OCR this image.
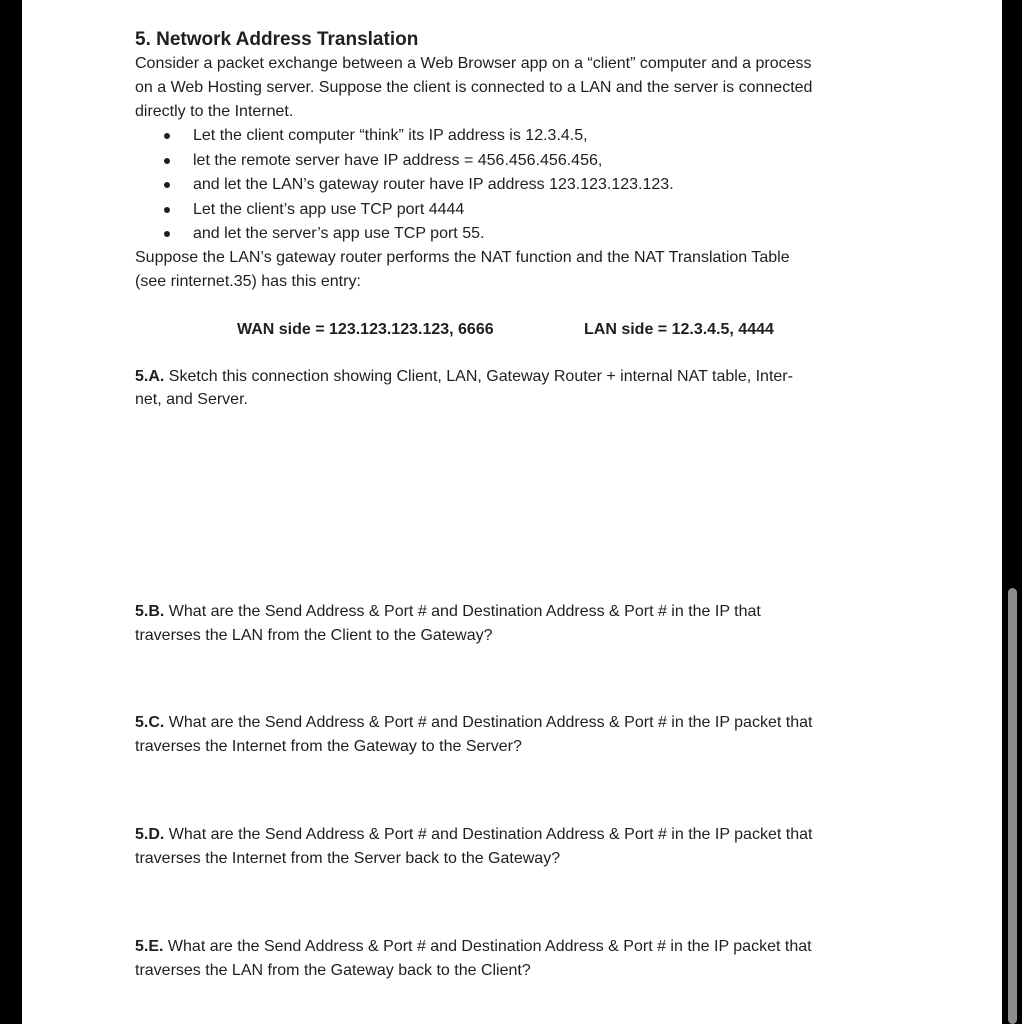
5. Network Address Translation
Consider a packet exchange between a Web Browser app on a “client” computer and a process
on a Web Hosting server. Suppose the client is connected to a LAN and the server is connected
directly to the Internet.
Let the client computer “think” its IP address is 12.3.4.5,
let the remote server have IP address = 456.456.456.456,
and let the LAN’s gateway router have IP address 123.123.123.123.
Let the client’s app use TCP port 4444
and let the server’s app use TCP port 55.
Suppose the LAN’s gateway router performs the NAT function and the NAT Translation Table
(see rinternet.35) has this entry:
WAN side = 123.123.123.123, 6666	LAN side = 12.3.4.5, 4444
5.A. Sketch this connection showing Client, LAN, Gateway Router + internal NAT table, Inter-
net, and Server.
5.B. What are the Send Address & Port # and Destination Address & Port # in the IP that
traverses the LAN from the Client to the Gateway?
5.C. What are the Send Address & Port # and Destination Address & Port # in the IP packet that
traverses the Internet from the Gateway to the Server?
5.D. What are the Send Address & Port # and Destination Address & Port # in the IP packet that
traverses the Internet from the Server back to the Gateway?
5.E. What are the Send Address & Port # and Destination Address & Port # in the IP packet that
traverses the LAN from the Gateway back to the Client?
